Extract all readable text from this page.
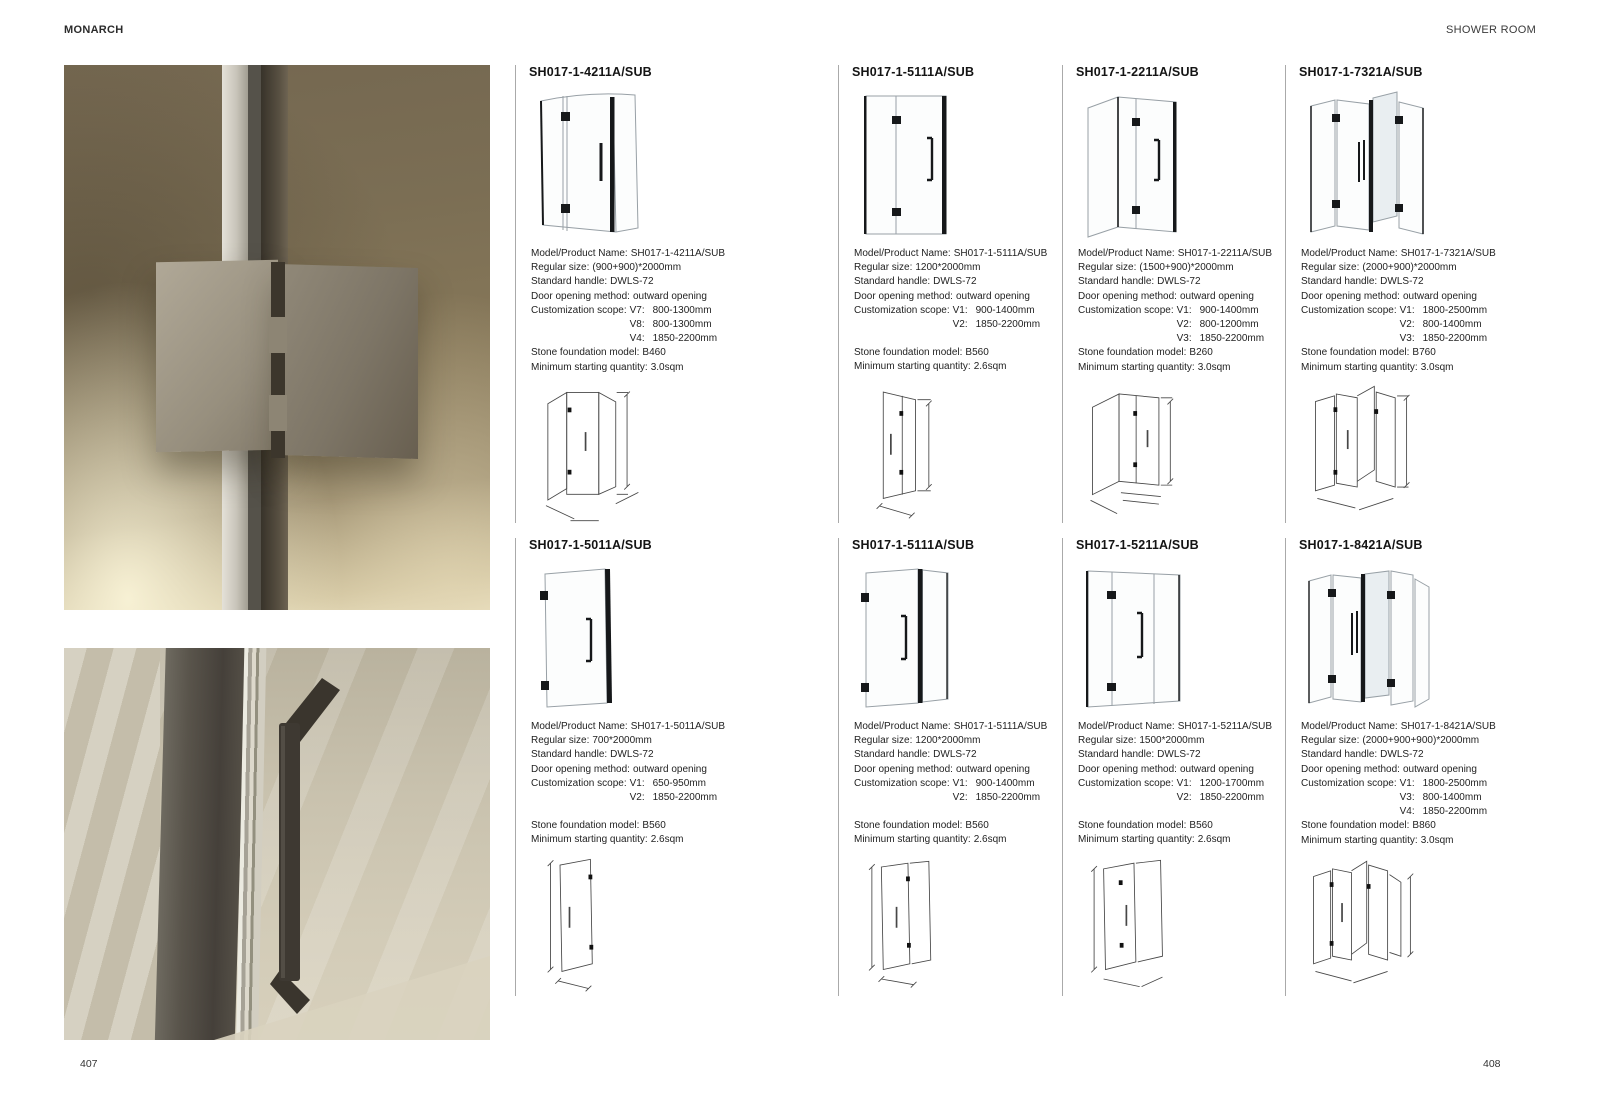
MONARCH	SHOWER ROOM
407	408
SH017-1-4211A/SUB
Model/Product Name: SH017-1-4211A/SUB
Regular size: (900+900)*2000mm
Standard handle: DWLS-72
Door opening method: outward opening
Customization scope: V7: 800-1300mm
V8: 800-1300mm
V4: 1850-2200mm
Stone foundation model: B460
Minimum starting quantity: 3.0sqm
SH017-1-5111A/SUB
Model/Product Name: SH017-1-5111A/SUB
Regular size: 1200*2000mm
Standard handle: DWLS-72
Door opening method: outward opening
Customization scope: V1: 900-1400mm
V2: 1850-2200mm
Stone foundation model: B560
Minimum starting quantity: 2.6sqm
SH017-1-2211A/SUB
Model/Product Name: SH017-1-2211A/SUB
Regular size: (1500+900)*2000mm
Standard handle: DWLS-72
Door opening method: outward opening
Customization scope: V1: 900-1400mm
V2: 800-1200mm
V3: 1850-2200mm
Stone foundation model: B260
Minimum starting quantity: 3.0sqm
SH017-1-7321A/SUB
Model/Product Name: SH017-1-7321A/SUB
Regular size: (2000+900)*2000mm
Standard handle: DWLS-72
Door opening method: outward opening
Customization scope: V1: 1800-2500mm
V2: 800-1400mm
V3: 1850-2200mm
Stone foundation model: B760
Minimum starting quantity: 3.0sqm
SH017-1-5011A/SUB
Model/Product Name: SH017-1-5011A/SUB
Regular size: 700*2000mm
Standard handle: DWLS-72
Door opening method: outward opening
Customization scope: V1: 650-950mm
V2: 1850-2200mm
Stone foundation model: B560
Minimum starting quantity: 2.6sqm
SH017-1-5111A/SUB
Model/Product Name: SH017-1-5111A/SUB
Regular size: 1200*2000mm
Standard handle: DWLS-72
Door opening method: outward opening
Customization scope: V1: 900-1400mm
V2: 1850-2200mm
Stone foundation model: B560
Minimum starting quantity: 2.6sqm
SH017-1-5211A/SUB
Model/Product Name: SH017-1-5211A/SUB
Regular size: 1500*2000mm
Standard handle: DWLS-72
Door opening method: outward opening
Customization scope: V1: 1200-1700mm
V2: 1850-2200mm
Stone foundation model: B560
Minimum starting quantity: 2.6sqm
SH017-1-8421A/SUB
Model/Product Name: SH017-1-8421A/SUB
Regular size: (2000+900+900)*2000mm
Standard handle: DWLS-72
Door opening method: outward opening
Customization scope: V1: 1800-2500mm
V3: 800-1400mm
V4: 1850-2200mm
Stone foundation model: B860
Minimum starting quantity: 3.0sqm
